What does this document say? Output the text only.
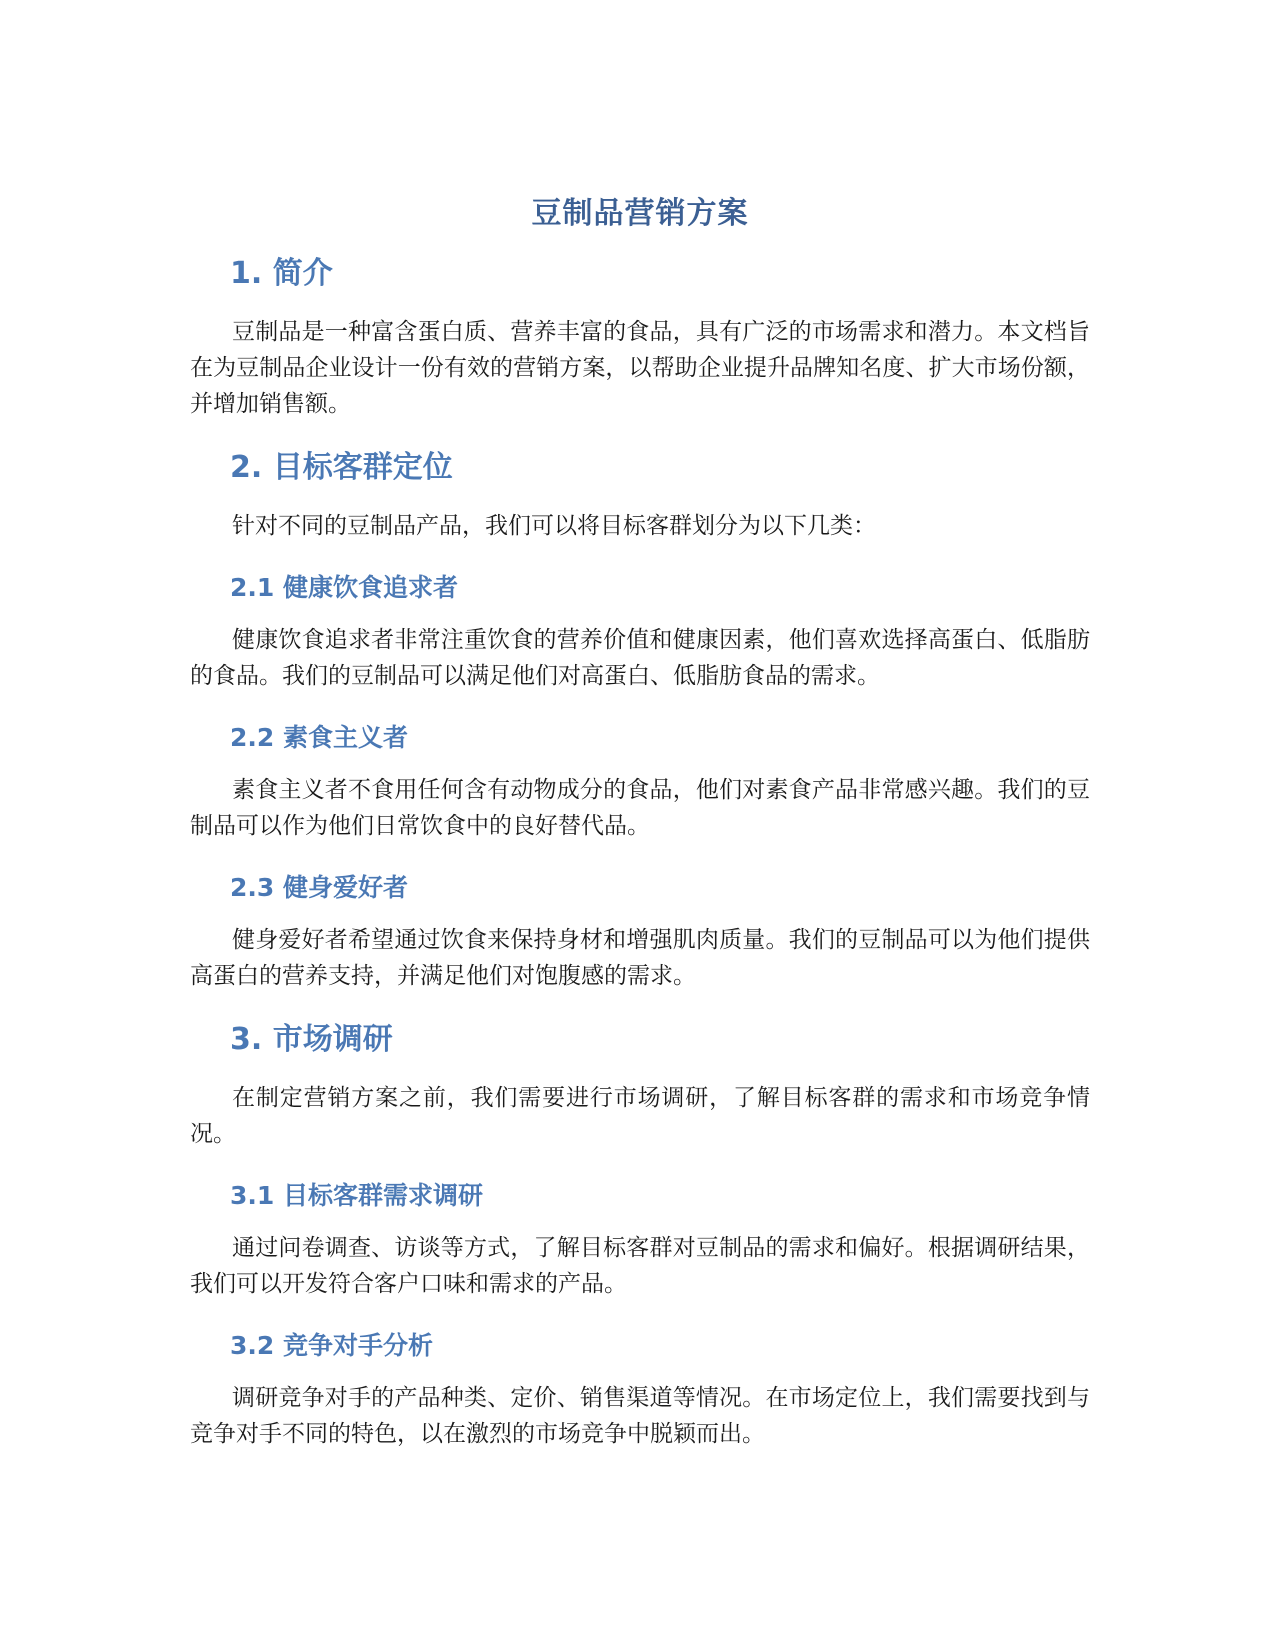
豆制品营销方案
1. 简介

豆制品是一种富含蛋白质、营养丰富的食品，具有广泛的市场需求和潜力。本文档旨在为豆制品企业设计一份有效的营销方案，以帮助企业提升品牌知名度、扩大市场份额，并增加销售额。

2. 目标客群定位

针对不同的豆制品产品，我们可以将目标客群划分为以下几类：

2.1 健康饮食追求者

健康饮食追求者非常注重饮食的营养价值和健康因素，他们喜欢选择高蛋白、低脂肪的食品。我们的豆制品可以满足他们对高蛋白、低脂肪食品的需求。

2.2 素食主义者

素食主义者不食用任何含有动物成分的食品，他们对素食产品非常感兴趣。我们的豆制品可以作为他们日常饮食中的良好替代品。

2.3 健身爱好者

健身爱好者希望通过饮食来保持身材和增强肌肉质量。我们的豆制品可以为他们提供高蛋白的营养支持，并满足他们对饱腹感的需求。

3. 市场调研

在制定营销方案之前，我们需要进行市场调研，了解目标客群的需求和市场竞争情况。

3.1 目标客群需求调研

通过问卷调查、访谈等方式，了解目标客群对豆制品的需求和偏好。根据调研结果，我们可以开发符合客户口味和需求的产品。

3.2 竞争对手分析

调研竞争对手的产品种类、定价、销售渠道等情况。在市场定位上，我们需要找到与竞争对手不同的特色，以在激烈的市场竞争中脱颖而出。
